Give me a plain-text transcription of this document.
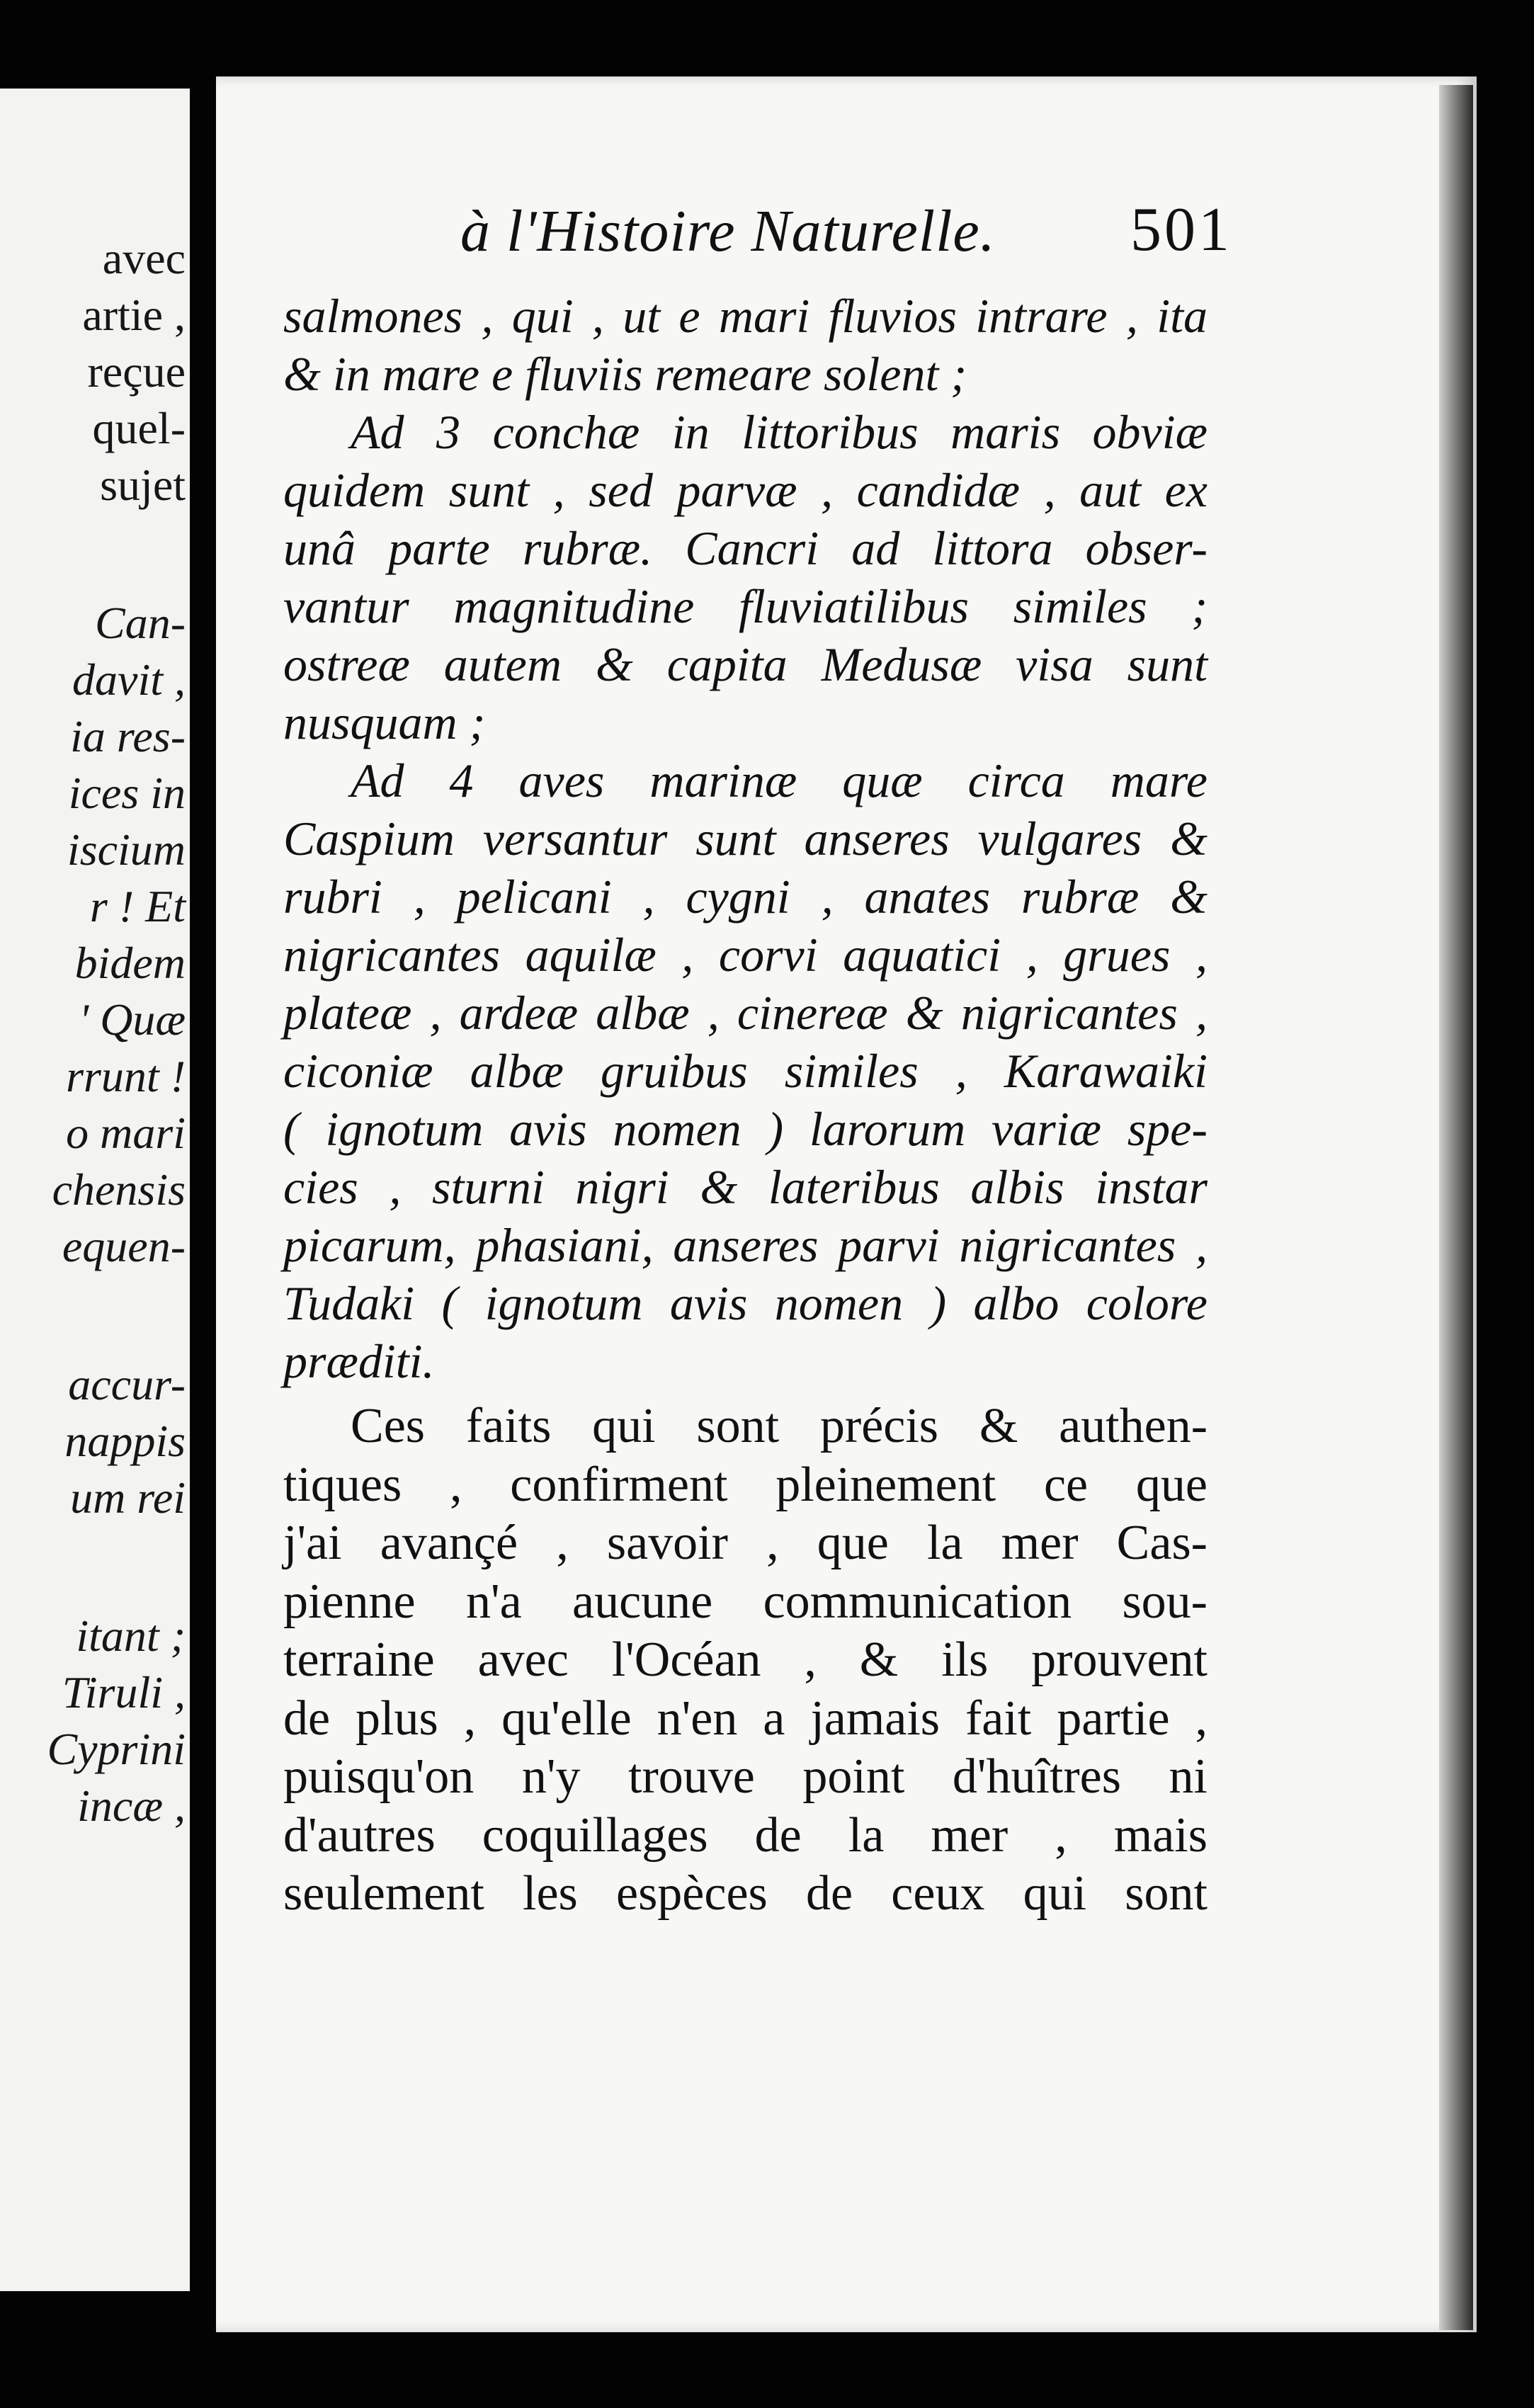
avec
artie ,
reçue
quel-
sujet
Can-
davit ,
ia res-
ices in
iscium
r ! Et
bidem
' Quæ
rrunt !
o mari
chensis
equen-
accur-
nappis
um rei
itant ;
Tiruli ,
Cyprini
incæ ,
à l'Histoire Naturelle. 501
salmones , qui , ut e mari fluvios intrare , ita
& in mare e fluviis remeare solent ;
Ad 3 conchæ in littoribus maris obviæ
quidem sunt , sed parvæ , candidæ , aut ex
unâ parte rubræ. Cancri ad littora obser-
vantur magnitudine fluviatilibus similes ;
ostreæ autem & capita Medusæ visa sunt
nusquam ;
Ad 4 aves marinæ quæ circa mare
Caspium versantur sunt anseres vulgares &
rubri , pelicani , cygni , anates rubræ &
nigricantes aquilæ , corvi aquatici , grues ,
plateæ , ardeæ albæ , cinereæ & nigricantes ,
ciconiæ albæ gruibus similes , Karawaiki
( ignotum avis nomen ) larorum variæ spe-
cies , sturni nigri & lateribus albis instar
picarum, phasiani, anseres parvi nigricantes ,
Tudaki ( ignotum avis nomen ) albo colore
præditi.
Ces faits qui sont précis & authen-
tiques , confirment pleinement ce que
j'ai avançé , savoir , que la mer Cas-
pienne n'a aucune communication sou-
terraine avec l'Océan , & ils prouvent
de plus , qu'elle n'en a jamais fait partie ,
puisqu'on n'y trouve point d'huîtres ni
d'autres coquillages de la mer , mais
seulement les espèces de ceux qui sont
